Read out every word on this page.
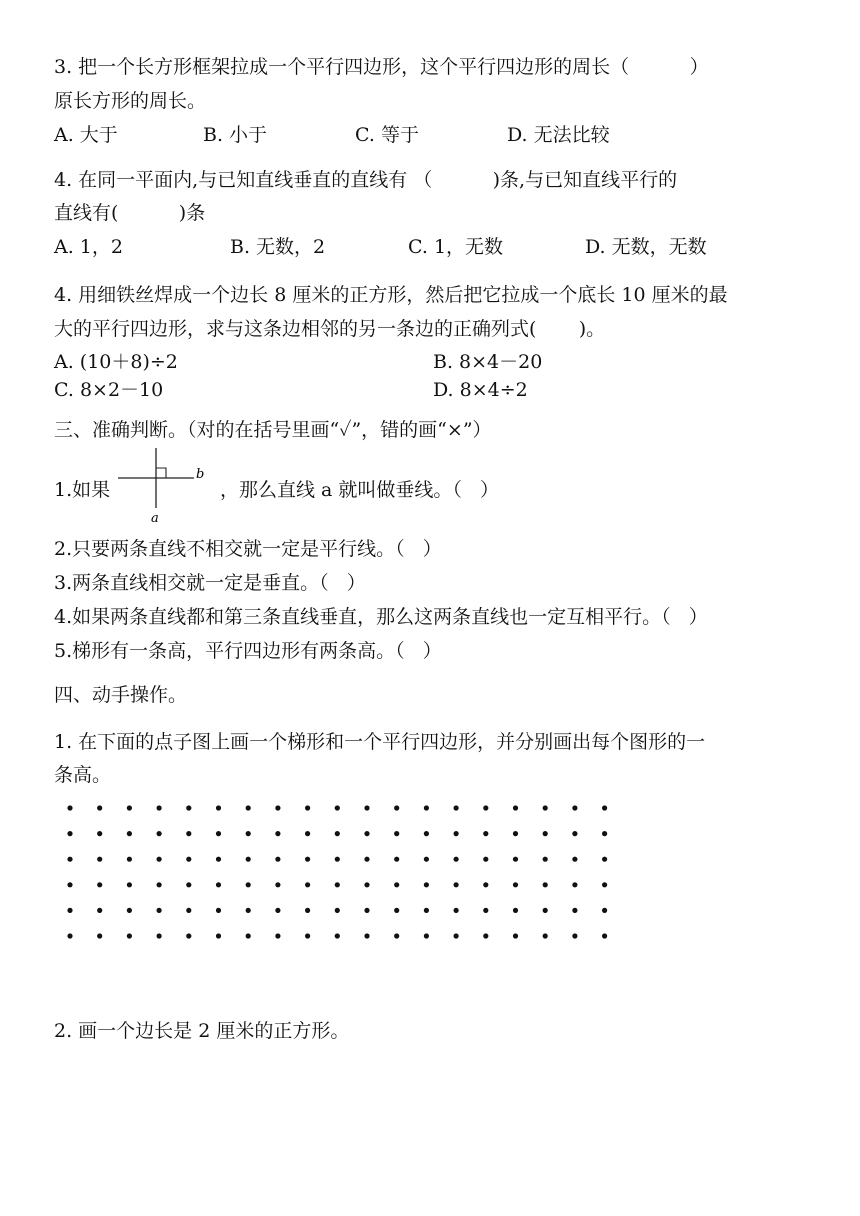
3. 把一个长方形框架拉成一个平行四边形，这个平行四边形的周长（          ）
原长方形的周长。
A. 大于	B. 小于	C. 等于	D. 无法比较
4. 在同一平面内,与已知直线垂直的直线有 （          )条,与已知直线平行的
直线有(          )条
A. 1，2	B. 无数，2	C. 1，无数	D. 无数，无数
4. 用细铁丝焊成一个边长 8 厘米的正方形，然后把它拉成一个底长 10 厘米的最
大的平行四边形，求与这条边相邻的另一条边的正确列式(       )。
A. (10＋8)÷2	B. 8×4－20
C. 8×2－10	D. 8×4÷2
三、准确判断。（对的在括号里画“✓”，错的画“×”）
1.如果
b
a
，那么直线 a 就叫做垂线。（   ）
2.只要两条直线不相交就一定是平行线。（   ）
3.两条直线相交就一定是垂直。（   ）
4.如果两条直线都和第三条直线垂直，那么这两条直线也一定互相平行。（   ）
5.梯形有一条高，平行四边形有两条高。（   ）
四、动手操作。
1. 在下面的点子图上画一个梯形和一个平行四边形，并分别画出每个图形的一
条高。
2. 画一个边长是 2 厘米的正方形。
